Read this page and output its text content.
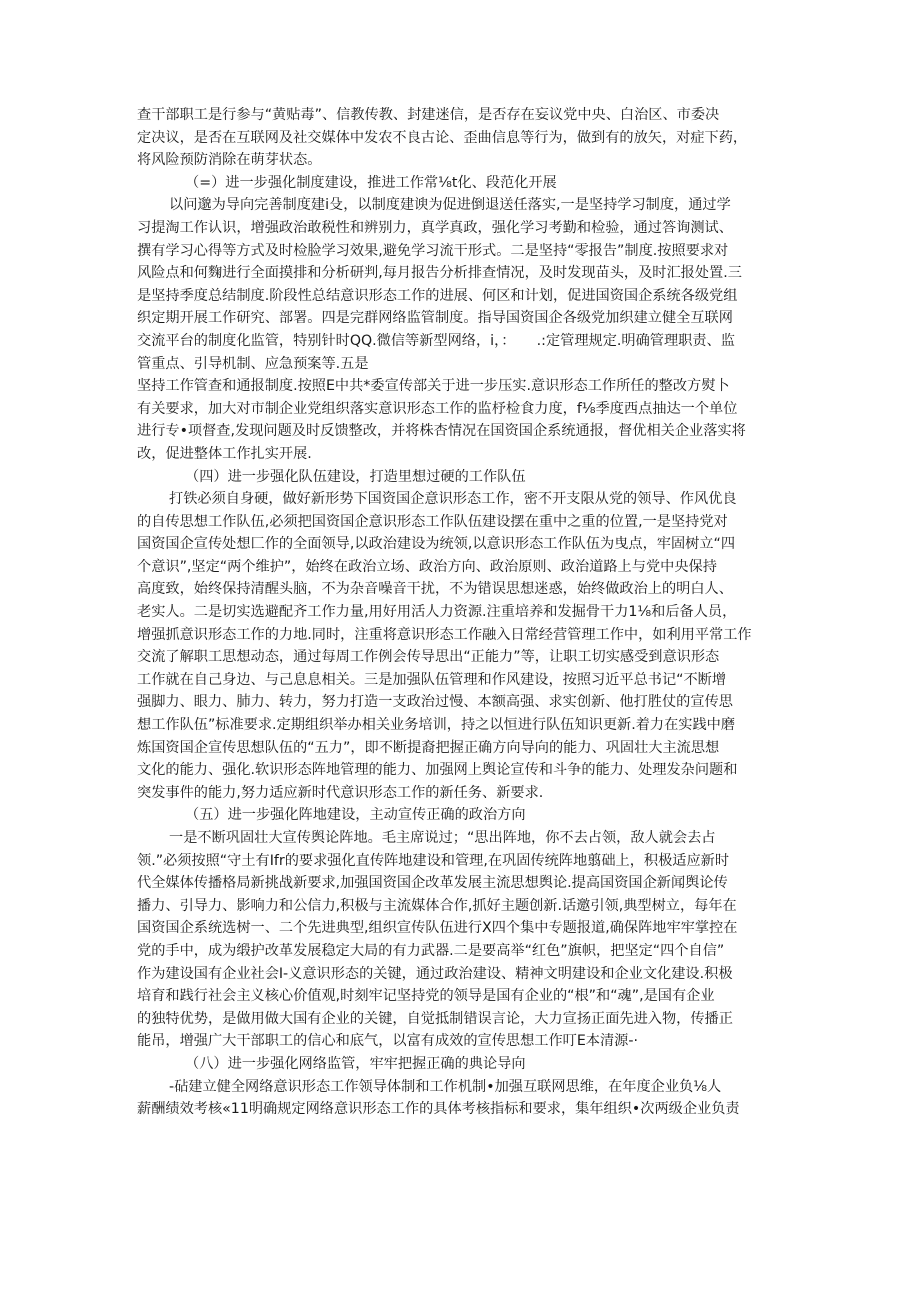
查干部职工是行参与“黄贴毒”、信教传教、封建迷信，是否存在妄议党中央、白治区、市委决
定决议，是否在互联网及社交媒体中发农不良古论、歪曲信息等行为，做到有的放矢，对症下药，
将风险预防消除在萌芽状态。
（=）进一步强化制度建设，推进工作常⅛t化、段范化开展
以问邈为导向完善制度建i殳，以制度建谀为促进倒退送任落实,一是坚持学习制度，通过学
习提淘工作认识，增强政治敢税性和辨别力，真学真政，强化学习考勤和检验，通过答询测试、
撰有学习心得等方式及时检脸学习效果,避免学习流干形式。二是坚持“零报告”制度.按照要求对
风险点和何麴进行全面摸排和分析研判,每月报告分析排查情况，及时发现苗头，及时汇报处置.三
是坚持季度总结制度.阶段性总结意识形态工作的进展、何区和计划，促进国资国企系统各级党组
织定期开展工作研究、部署。四是完群网络监管制度。指导国资国企各级党加织建立健全互联网
交流平台的制度化监管，特别针时QQ.微信等新型网络，i，：　　.:定管理规定.明确管理职责、监
管重点、引导机制、应急预案等.五是
坚持工作管查和通报制度.按照E中共*委宣传部关于进一步压实.意识形态工作所任的整改方熨卜
有关要求，加大对市制企业党组织落实意识形态工作的监杼检食力度，f⅛季度西点抽达一个单位
进行专•项督查,发现问题及时反馈整改，并将株杏情况在国资国企系统通报，督优相关企业落实将
改，促进整体工作扎实开展.
（四）进一步强化队伍建设，打造里想过硬的工作队伍
打铁必须自身硬，做好新形势下国资国企意识形态工作，密不开支限从党的领导、作风优良
的自传思想工作队伍,必须把国资国企意识形态工作队伍建设摆在重中之重的位置,一是坚持党对
国资国企宣传处想匚作的全面领导,以政治建设为统领,以意识形态工作队伍为曳点，牢固树立“四
个意识”,坚定“两个维护”，始终在政治立场、政治方向、政治原则、政治道路上与党中央保持
高度致，始终保持清醒头脑，不为杂音噪音干扰，不为错误思想迷惑，始终做政治上的明白人、
老实人。二是切实选避配齐工作力量,用好用活人力资源.注重培养和发掘骨干力1⅛和后备人员，
增强抓意识形态工作的力地.同时，注重将意识形态工作融入日常经营管理工作中，如利用平常工作
交流了解职工思想动态，通过每周工作例会传导思出“正能力”等，让职工切实感受到意识形态
工作就在自己身边、与己息息相关。三是加强队伍管理和作风建设，按照习近平总书记“不断增
强脚力、眼力、肺力、转力，努力打造一支政治过慢、本额高强、求实创新、他打胜仗的宣传思
想工作队伍”标准要求.定期组织举办相关业务培训，持之以恒进行队伍知识更新.着力在实践中磨
炼国资国企宣传思想队伍的“五力”，即不断提裔把握正确方向导向的能力、巩固壮大主流思想
文化的能力、强化.软识形态阵地管理的能力、加强网上舆论宣传和斗争的能力、处理发杂问题和
突发事件的能力,努力适应新时代意识形态工作的新任务、新要求.
（五）进一步强化阵地建设，主动宣传正确的政治方向
一是不断巩固壮大宣传舆论阵地。毛主席说过；“思出阵地，你不去占领，敌人就会去占
领.”必须按照“守土有Ifr的要求强化直传阵地建设和管理,在巩固传统阵地翦础上，积极适应新时
代全媒体传播格局新挑战新要求,加强国资国企改革发展主流思想舆论.提高国资国企新闻舆论传
播力、引导力、影响力和公信力,积极与主流媒体合作,抓好主题创新.话邀引领,典型树立，每年在
国资国企系统选树一、二个先进典型,组织宣传队伍进行X四个集中专题报道,确保阵地牢牢掌控在
党的手中，成为缎护改革发展稳定大局的有力武器.二是要高举“红色”旗帜，把坚定“四个自信”
作为建设国有企业社会I-义意识形态的关键，通过政治建设、精神文明建设和企业文化建设.积极
培育和践行社会主义核心价值观,时刻牢记坚持党的领导是国有企业的“根”和“魂”,是国有企业
的独特优势，是做用做大国有企业的关键，自觉抵制错误言论，大力宣扬正面先进入物，传播正
能吊，增强广大干部职工的信心和底气，以富有成效的宣传思想工作叮E本清源-·
（八）进一步强化网络监管，牢牢把握正确的典论导向
-砧建立健全网络意识形态工作领导体制和工作机制•加强互联网思维，在年度企业负⅛人
薪酬绩效考核«11明确规定网络意识形态工作的具体考核指标和要求，集年组织•次两级企业负责
